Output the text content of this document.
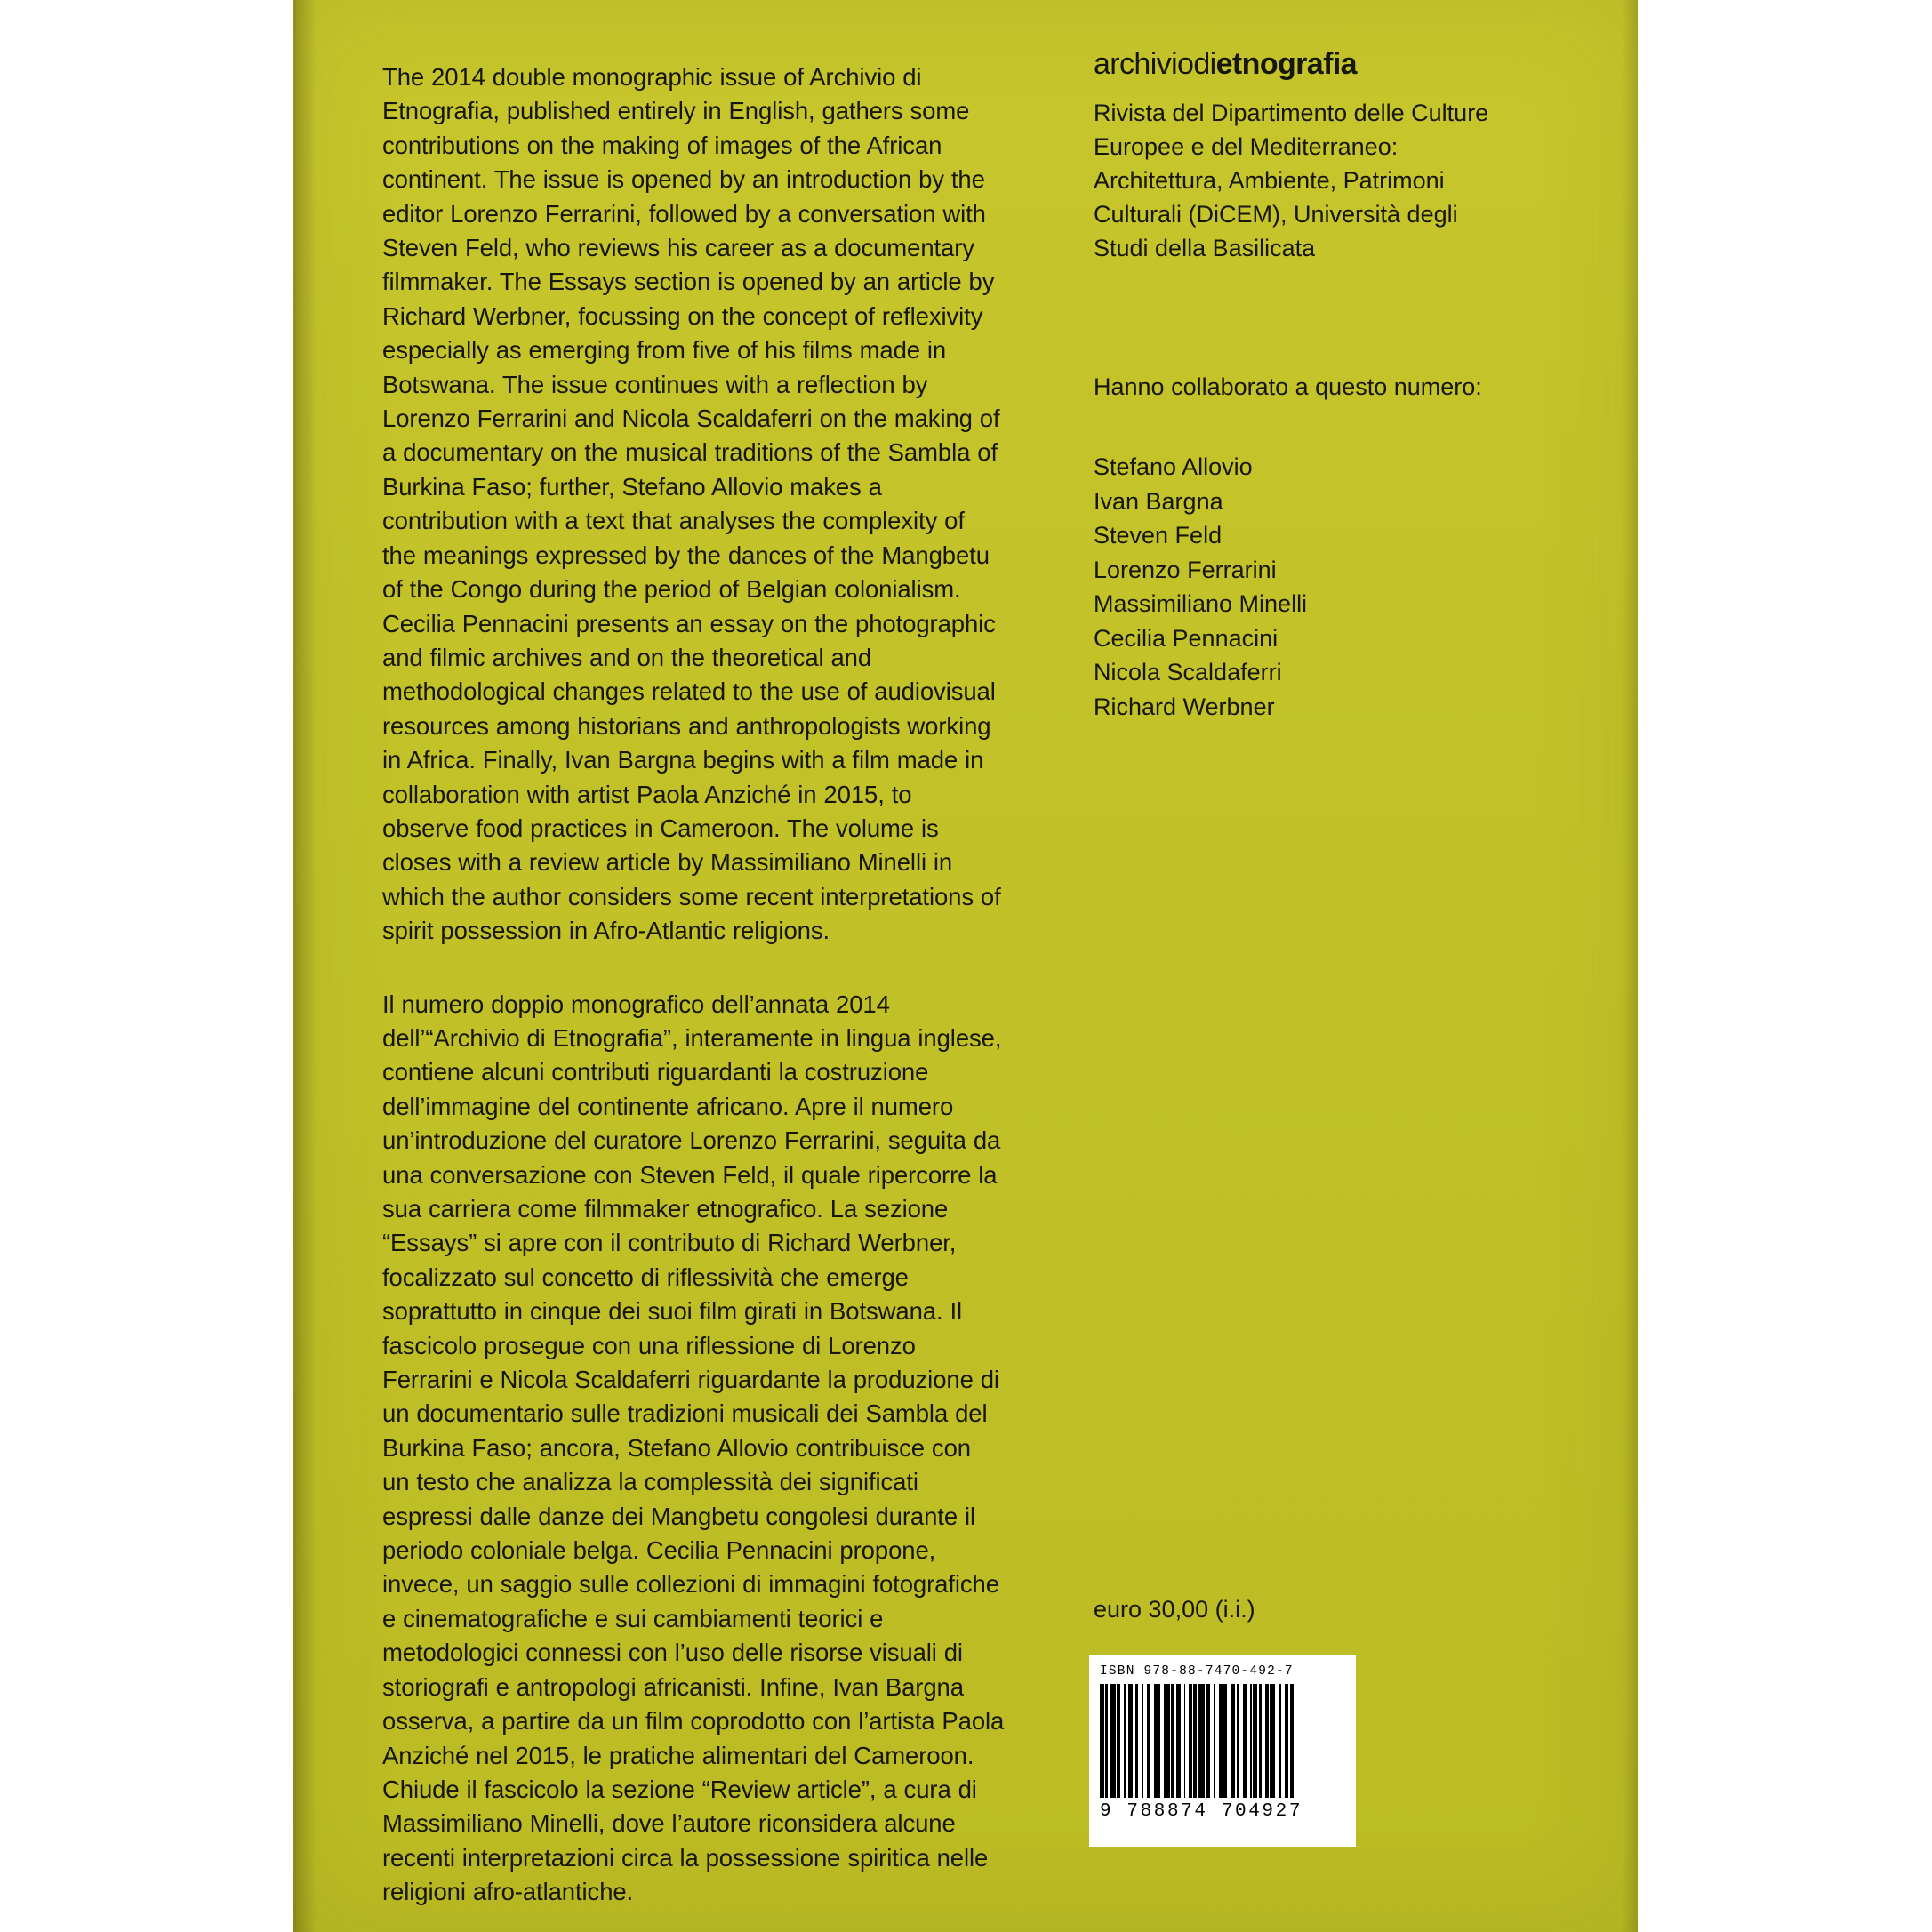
The 2014 double monographic issue of Archivio di Etnografia, published entirely in English, gathers some contributions on the making of images of the African continent. The issue is opened by an introduction by the editor Lorenzo Ferrarini, followed by a conversation with Steven Feld, who reviews his career as a documentary filmmaker. The Essays section is opened by an article by Richard Werbner, focussing on the concept of reflexivity especially as emerging from five of his films made in Botswana. The issue continues with a reflection by Lorenzo Ferrarini and Nicola Scaldaferri on the making of a documentary on the musical traditions of the Sambla of Burkina Faso; further, Stefano Allovio makes a contribution with a text that analyses the complexity of the meanings expressed by the dances of the Mangbetu of the Congo during the period of Belgian colonialism. Cecilia Pennacini presents an essay on the photographic and filmic archives and on the theoretical and methodological changes related to the use of audiovisual resources among historians and anthropologists working in Africa. Finally, Ivan Bargna begins with a film made in collaboration with artist Paola Anziché in 2015, to observe food practices in Cameroon. The volume is closes with a review article by Massimiliano Minelli in which the author considers some recent interpretations of spirit possession in Afro-Atlantic religions.

Il numero doppio monografico dell’annata 2014 dell’“Archivio di Etnografia”, interamente in lingua inglese, contiene alcuni contributi riguardanti la costruzione dell’immagine del continente africano. Apre il numero un’introduzione del curatore Lorenzo Ferrarini, seguita da una conversazione con Steven Feld, il quale ripercorre la sua carriera come filmmaker etnografico. La sezione “Essays” si apre con il contributo di Richard Werbner, focalizzato sul concetto di riflessività che emerge soprattutto in cinque dei suoi film girati in Botswana. Il fascicolo prosegue con una riflessione di Lorenzo Ferrarini e Nicola Scaldaferri riguardante la produzione di un documentario sulle tradizioni musicali dei Sambla del Burkina Faso; ancora, Stefano Allovio contribuisce con un testo che analizza la complessità dei significati espressi dalle danze dei Mangbetu congolesi durante il periodo coloniale belga. Cecilia Pennacini propone, invece, un saggio sulle collezioni di immagini fotografiche e cinematografiche e sui cambiamenti teorici e metodologici connessi con l’uso delle risorse visuali di storiografi e antropologi africanisti. Infine, Ivan Bargna osserva, a partire da un film coprodotto con l’artista Paola Anziché nel 2015, le pratiche alimentari del Cameroon. Chiude il fascicolo la sezione “Review article”, a cura di Massimiliano Minelli, dove l’autore riconsidera alcune recenti interpretazioni circa la possessione spiritica nelle religioni afro-atlantiche.

archiviodietnografia

Rivista del Dipartimento delle Culture Europee e del Mediterraneo: Architettura, Ambiente, Patrimoni Culturali (DiCEM), Università degli Studi della Basilicata

Hanno collaborato a questo numero:

Stefano Allovio
Ivan Bargna
Steven Feld
Lorenzo Ferrarini
Massimiliano Minelli
Cecilia Pennacini
Nicola Scaldaferri
Richard Werbner
euro 30,00 (i.i.)
ISBN 978-88-7470-492-7
9 788874 704927
